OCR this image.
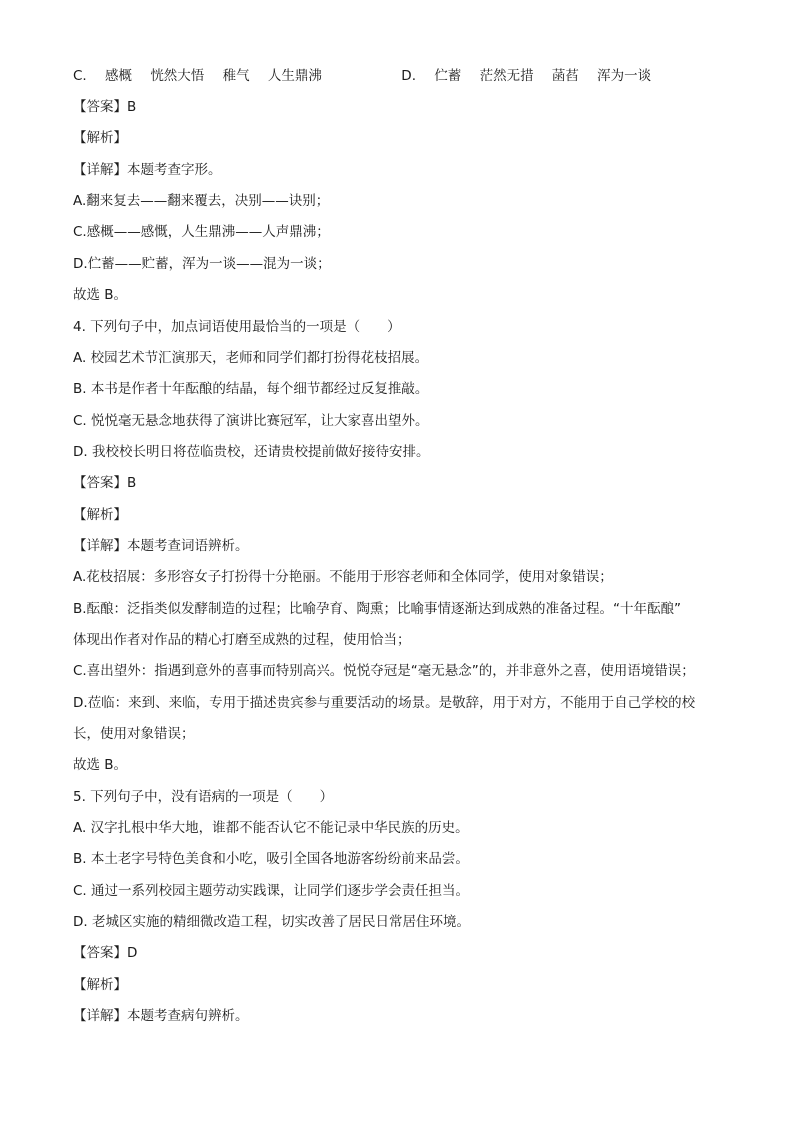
C. 感概 恍然大悟 稚气 人生鼎沸	D. 伫蓄 茫然无措 菡萏 浑为一谈
【答案】B
【解析】
【详解】本题考查字形。
A.翻来复去——翻来覆去，决别——诀别；
C.感概——感慨，人生鼎沸——人声鼎沸；
D.伫蓄——贮蓄，浑为一谈——混为一谈；
故选 B。
4. 下列句子中，加点词语使用最恰当的一项是（　　）
A. 校园艺术节汇演那天，老师和同学们都打扮得花枝招展。
B. 本书是作者十年酝酿的结晶，每个细节都经过反复推敲。
C. 悦悦毫无悬念地获得了演讲比赛冠军，让大家喜出望外。
D. 我校校长明日将莅临贵校，还请贵校提前做好接待安排。
【答案】B
【解析】
【详解】本题考查词语辨析。
A.花枝招展：多形容女子打扮得十分艳丽。不能用于形容老师和全体同学，使用对象错误；
B.酝酿：泛指类似发酵制造的过程；比喻孕育、陶熏；比喻事情逐渐达到成熟的准备过程。“十年酝酿”
体现出作者对作品的精心打磨至成熟的过程，使用恰当；
C.喜出望外：指遇到意外的喜事而特别高兴。悦悦夺冠是“毫无悬念”的，并非意外之喜，使用语境错误；
D.莅临：来到、来临，专用于描述贵宾参与重要活动的场景。是敬辞，用于对方，不能用于自己学校的校
长，使用对象错误；
故选 B。
5. 下列句子中，没有语病的一项是（　　）
A. 汉字扎根中华大地，谁都不能否认它不能记录中华民族的历史。
B. 本土老字号特色美食和小吃，吸引全国各地游客纷纷前来品尝。
C. 通过一系列校园主题劳动实践课，让同学们逐步学会责任担当。
D. 老城区实施的精细微改造工程，切实改善了居民日常居住环境。
【答案】D
【解析】
【详解】本题考查病句辨析。
